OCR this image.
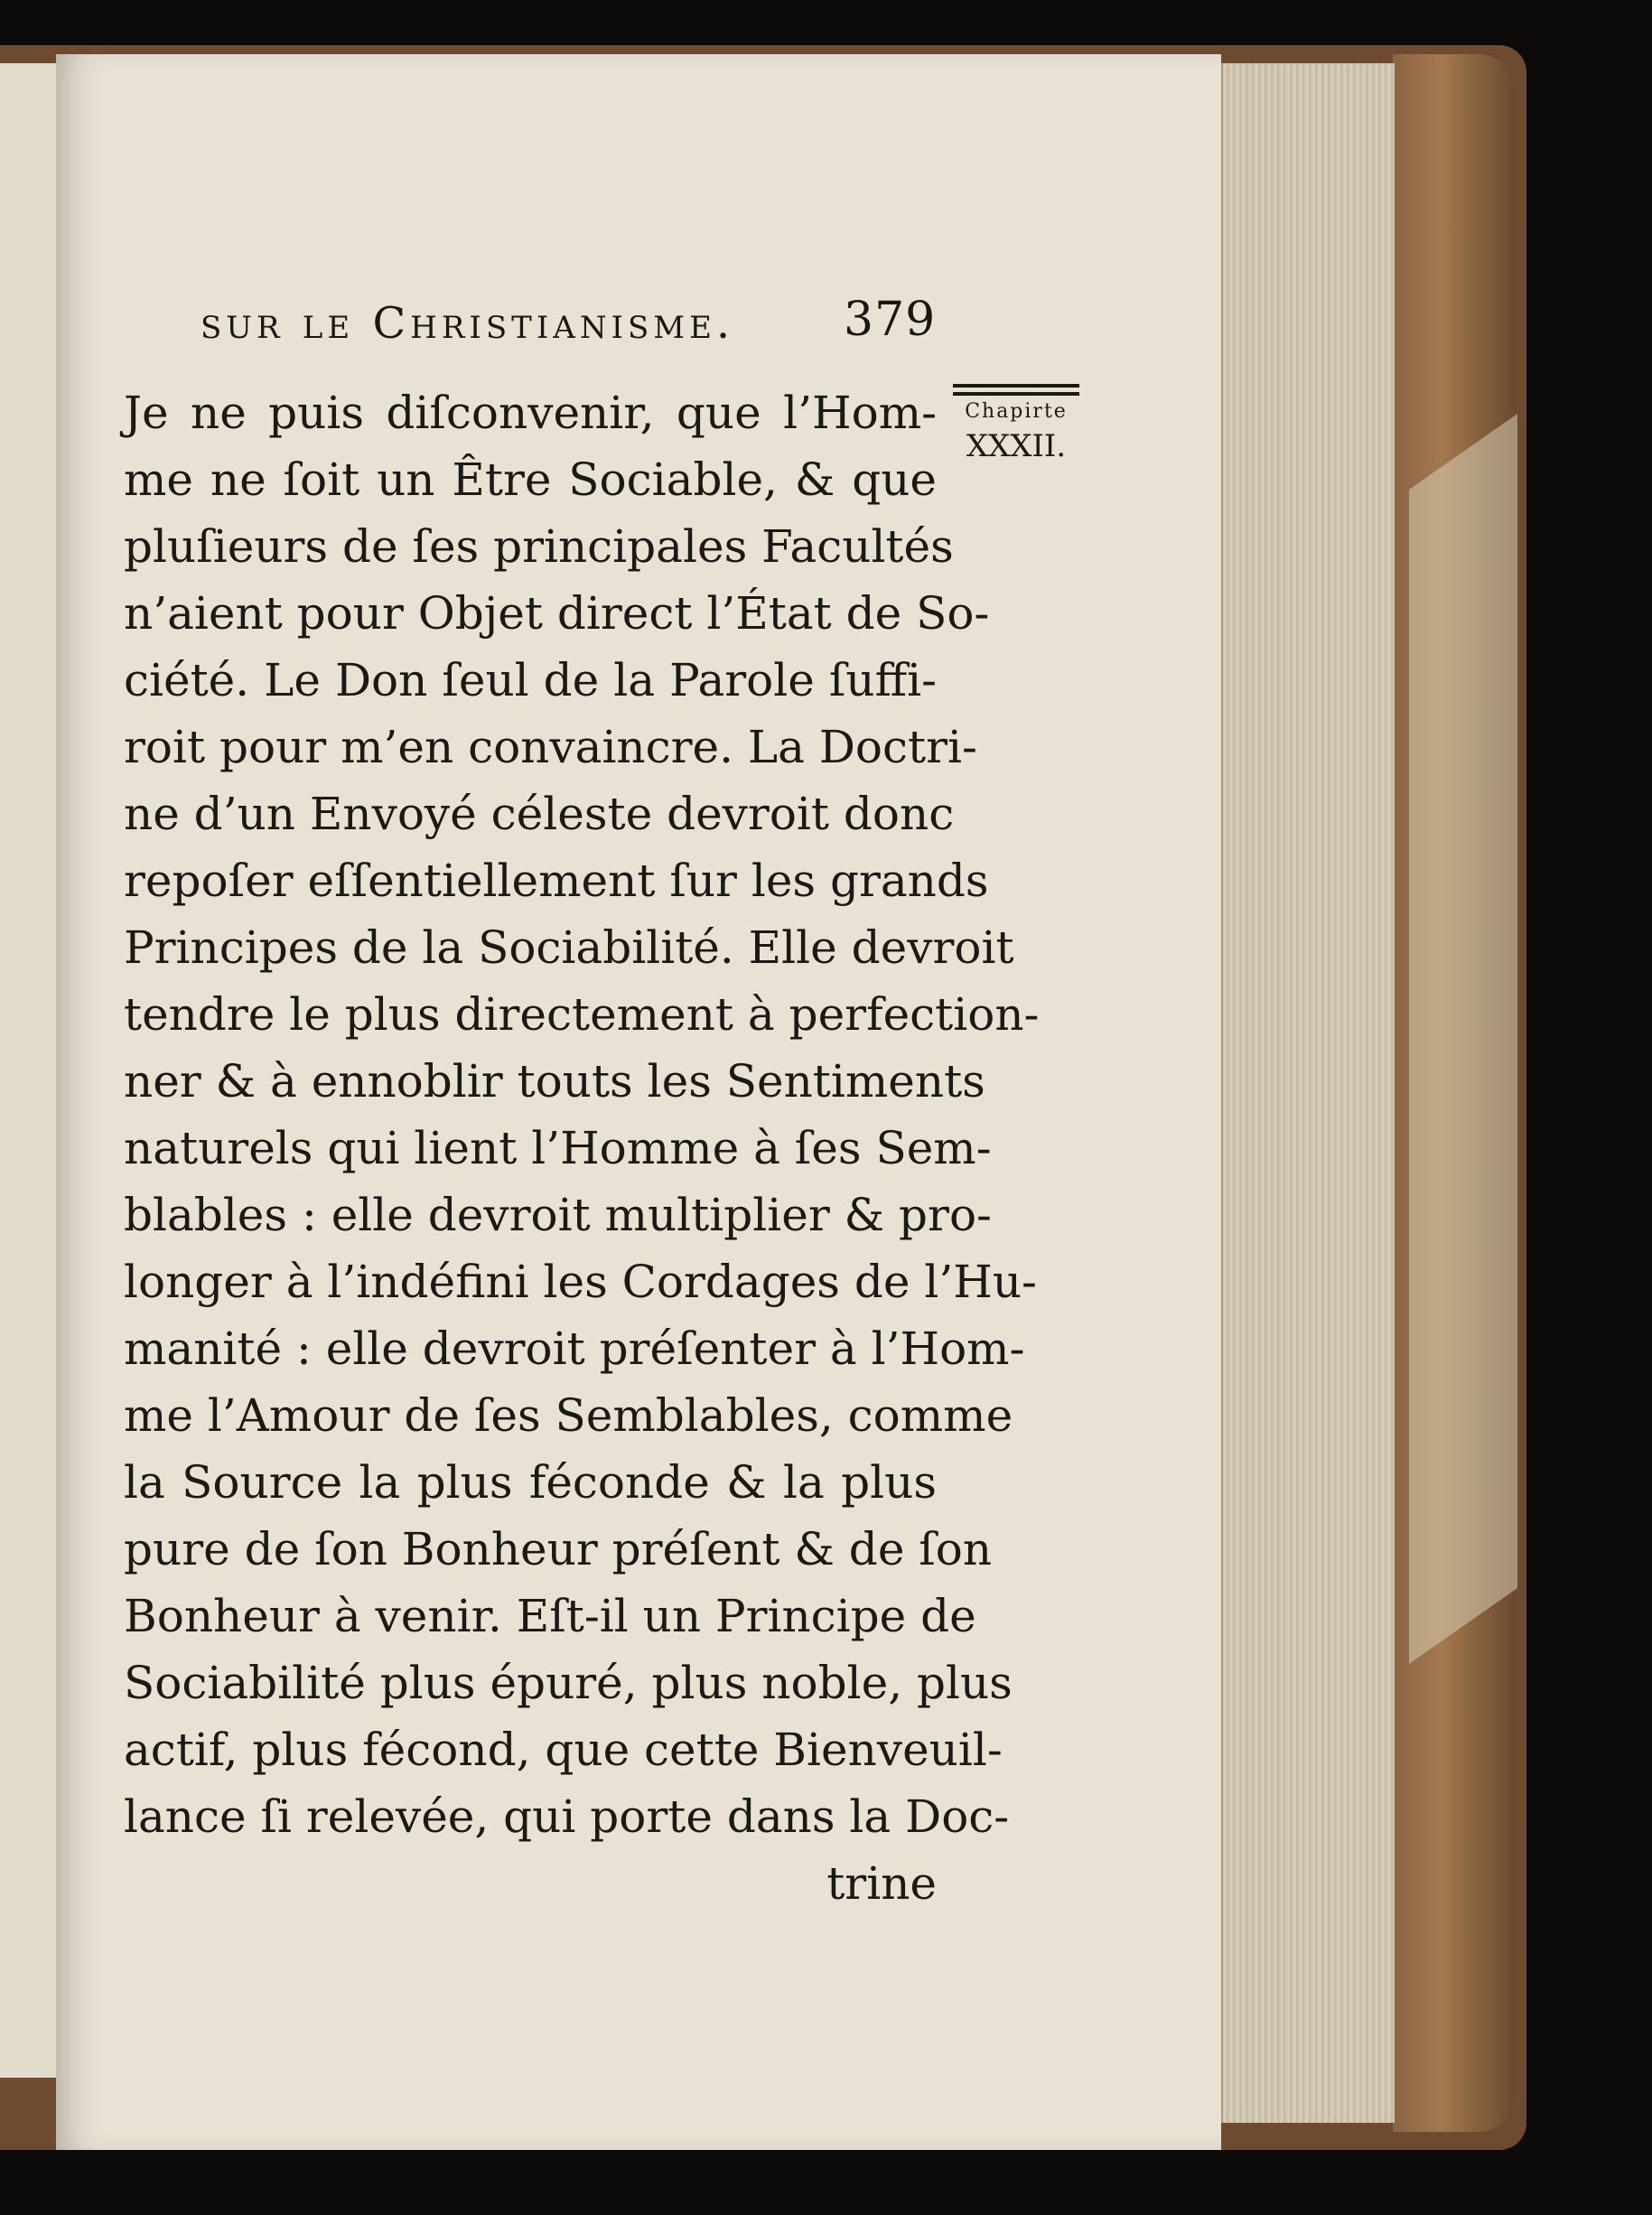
sur le Christianisme. 379
Je ne puis diſconvenir, que l’Hom-
me ne ſoit un Être Sociable, & que
pluſieurs de ſes principales Facultés
n’aient pour Objet direct l’État de So-
ciété. Le Don ſeul de la Parole ſuffi-
roit pour m’en convaincre. La Doctri-
ne d’un Envoyé céleste devroit donc
repoſer eſſentiellement ſur les grands
Principes de la Sociabilité. Elle devroit
tendre le plus directement à perfection-
ner & à ennoblir touts les Sentiments
naturels qui lient l’Homme à ſes Sem-
blables : elle devroit multiplier & pro-
longer à l’indéfini les Cordages de l’Hu-
manité : elle devroit préſenter à l’Hom-
me l’Amour de ſes Semblables, comme
la Source la plus féconde & la plus
pure de ſon Bonheur préſent & de ſon
Bonheur à venir. Eſt-il un Principe de
Sociabilité plus épuré, plus noble, plus
actif, plus fécond, que cette Bienveuil-
lance ſi relevée, qui porte dans la Doc-
trine
Chapirte
XXXII.
